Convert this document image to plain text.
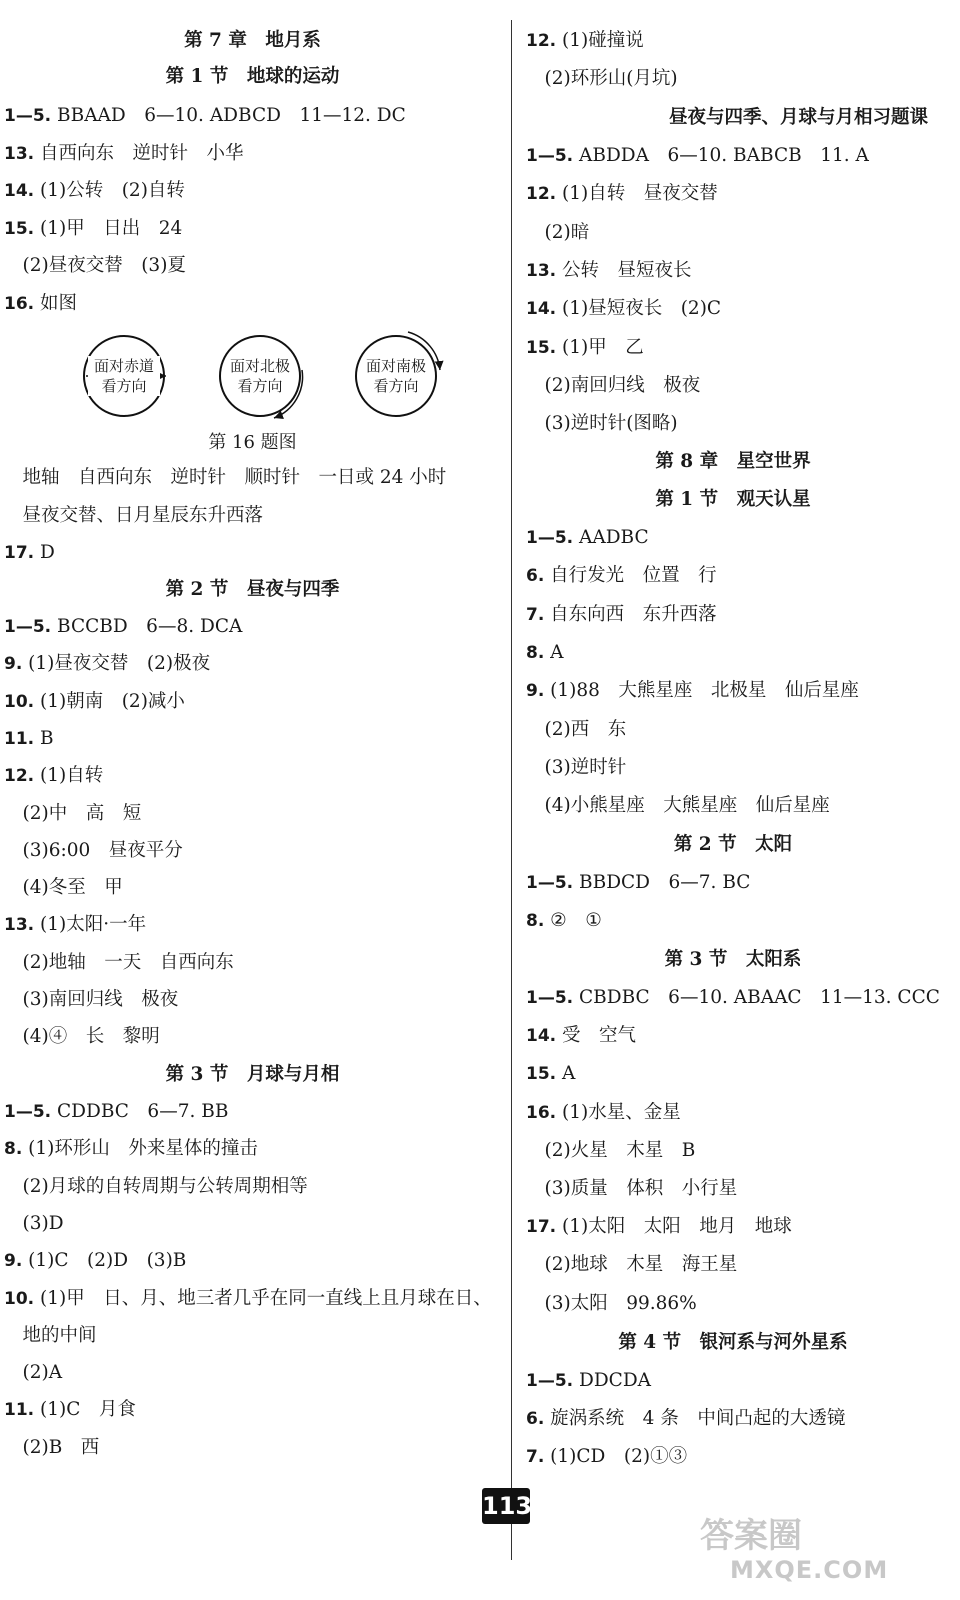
第 7 章　地月系
第 1 节　地球的运动
1—5. BBAAD　6—10. ADBCD　11—12. DC
13. 自西向东　逆时针　小华
14. (1)公转　(2)自转
15. (1)甲　日出　24
　(2)昼夜交替　(3)夏
16. 如图
面对赤道
看方向
面对北极
看方向
面对南极
看方向
第 16 题图
　地轴　自西向东　逆时针　顺时针　一日或 24 小时
　昼夜交替、日月星辰东升西落
17. D
第 2 节　昼夜与四季
1—5. BCCBD　6—8. DCA
9. (1)昼夜交替　(2)极夜
10. (1)朝南　(2)减小
11. B
12. (1)自转
　(2)中　高　短
　(3)6:00　昼夜平分
　(4)冬至　甲
13. (1)太阳·一年
　(2)地轴　一天　自西向东
　(3)南回归线　极夜
　(4)④　长　黎明
第 3 节　月球与月相
1—5. CDDBC　6—7. BB
8. (1)环形山　外来星体的撞击
　(2)月球的自转周期与公转周期相等
　(3)D
9. (1)C　(2)D　(3)B
10. (1)甲　日、月、地三者几乎在同一直线上且月球在日、
　地的中间
　(2)A
11. (1)C　月食
　(2)B　西
12. (1)碰撞说
　(2)环形山(月坑)
昼夜与四季、月球与月相习题课
1—5. ABDDA　6—10. BABCB　11. A
12. (1)自转　昼夜交替
　(2)暗
13. 公转　昼短夜长
14. (1)昼短夜长　(2)C
15. (1)甲　乙
　(2)南回归线　极夜
　(3)逆时针(图略)
第 8 章　星空世界
第 1 节　观天认星
1—5. AADBC
6. 自行发光　位置　行
7. 自东向西　东升西落
8. A
9. (1)88　大熊星座　北极星　仙后星座
　(2)西　东
　(3)逆时针
　(4)小熊星座　大熊星座　仙后星座
第 2 节　太阳
1—5. BBDCD　6—7. BC
8. ②　①
第 3 节　太阳系
1—5. CBDBC　6—10. ABAAC　11—13. CCC
14. 受　空气
15. A
16. (1)水星、金星
　(2)火星　木星　B
　(3)质量　体积　小行星
17. (1)太阳　太阳　地月　地球
　(2)地球　木星　海王星
　(3)太阳　99.86%
第 4 节　银河系与河外星系
1—5. DDCDA
6. 旋涡系统　4 条　中间凸起的大透镜
7. (1)CD　(2)①③
113
答案圈
MXQE.COM
